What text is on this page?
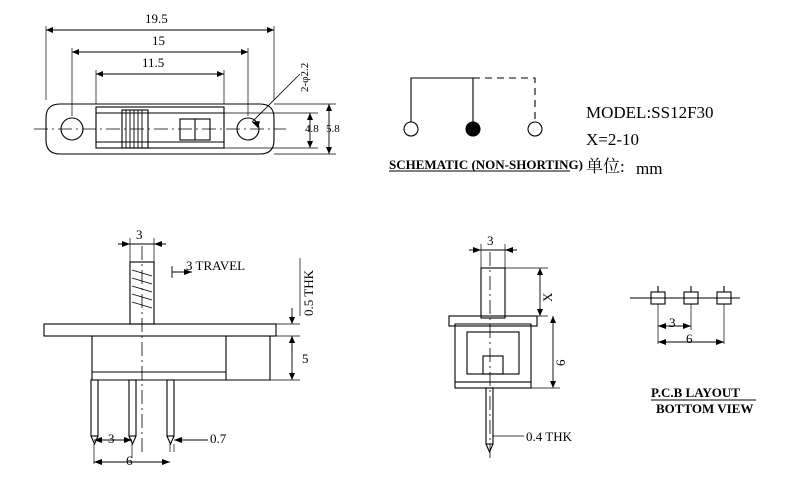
19.5
15
11.5
2-φ2.2
4.8 5.8
SCHEMATIC (NON-SHORTING)
MODEL:SS12F30
X=2-10
单位: mm
3
3 TRAVEL
0.5 THK
5
3	0.7
6
3
X
6
0.4 THK
3
6
P.C.B LAYOUT
BOTTOM VIEW
